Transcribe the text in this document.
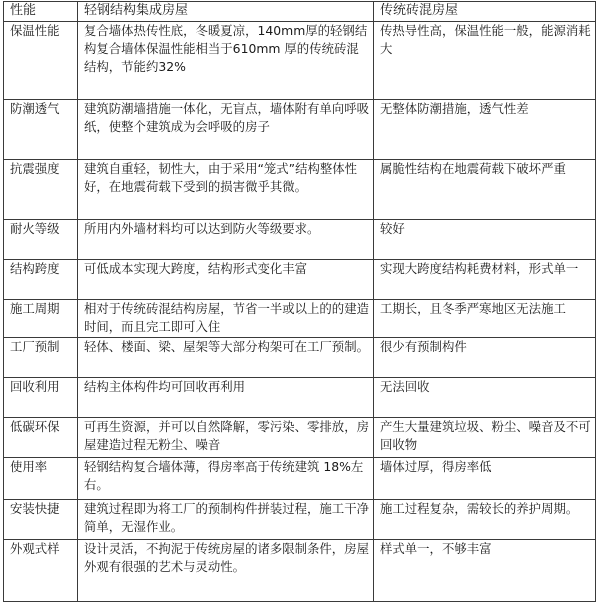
性能	轻钢结构集成房屋	传统砖混房屋
保温性能	复合墙体热传性底，冬暖夏凉，140mm厚的轻钢结构复合墙体保温性能相当于610mm 厚的传统砖混结构，节能约32%	传热导性高，保温性能一般，能源消耗大
防潮透气	建筑防潮墙措施一体化，无盲点，墙体附有单向呼吸纸，使整个建筑成为会呼吸的房子	无整体防潮措施，透气性差
抗震强度	建筑自重轻，韧性大，由于采用“笼式”结构整体性好，在地震荷载下受到的损害微乎其微。	属脆性结构在地震荷载下破坏严重
耐火等级	所用内外墙材料均可以达到防火等级要求。	较好
结构跨度	可低成本实现大跨度，结构形式变化丰富	实现大跨度结构耗费材料，形式单一
施工周期	相对于传统砖混结构房屋，节省一半或以上的的建造时间，而且完工即可入住	工期长，且冬季严寒地区无法施工
工厂预制	轻体、楼面、梁、屋架等大部分构架可在工厂预制。	很少有预制构件
回收利用	结构主体构件均可回收再利用	无法回收
低碳环保	可再生资源，并可以自然降解，零污染、零排放，房屋建造过程无粉尘、噪音	产生大量建筑垃圾、粉尘、噪音及不可回收物
使用率	轻钢结构复合墙体薄，得房率高于传统建筑 18%左右。	墙体过厚，得房率低
安装快捷	建筑过程即为将工厂的预制构件拼装过程，施工干净简单，无湿作业。	施工过程复杂，需较长的养护周期。
外观式样	设计灵活，不拘泥于传统房屋的诸多限制条件，房屋外观有很强的艺术与灵动性。	样式单一，不够丰富
